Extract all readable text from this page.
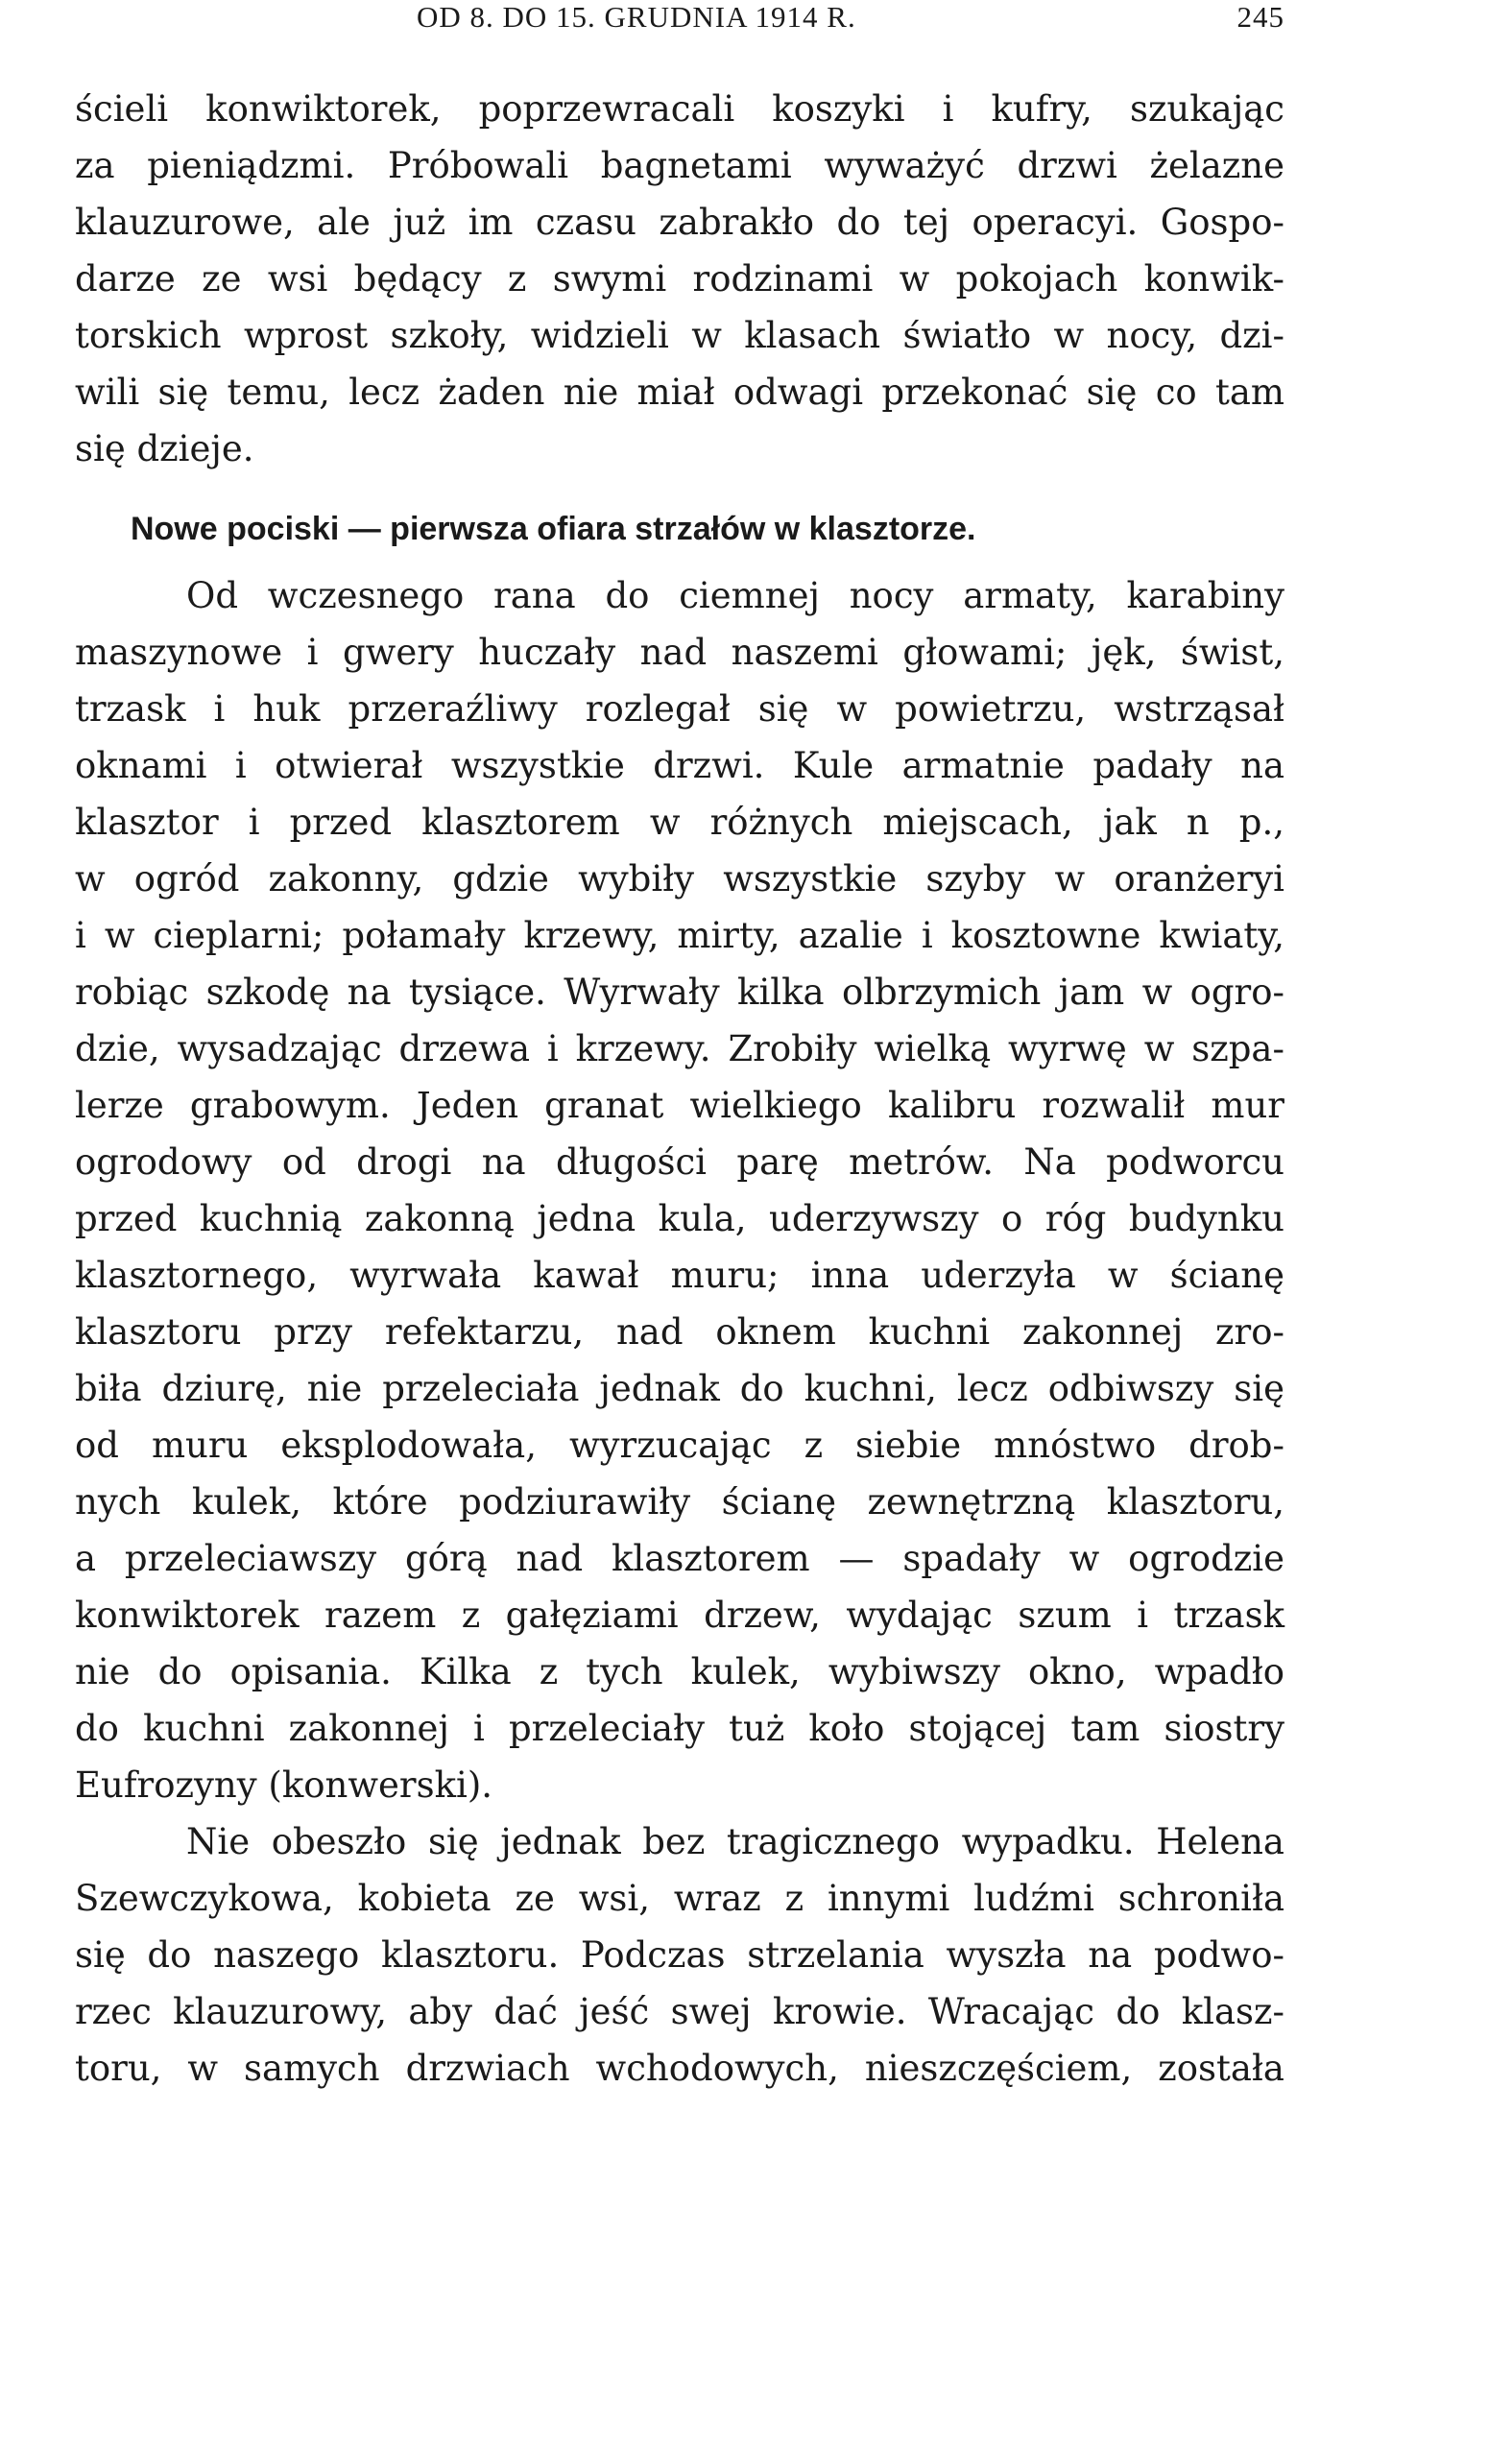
OD 8. DO 15. GRUDNIA 1914 R.	245
ścieli konwiktorek, poprzewracali koszyki i kufry, szukając
za pieniądzmi. Próbowali bagnetami wyważyć drzwi żelazne
klauzurowe, ale już im czasu zabrakło do tej operacyi. Gospo-
darze ze wsi będący z swymi rodzinami w pokojach konwik-
torskich wprost szkoły, widzieli w klasach światło w nocy, dzi-
wili się temu, lecz żaden nie miał odwagi przekonać się co tam
się dzieje.
Nowe pociski — pierwsza ofiara strzałów w klasztorze.
Od wczesnego rana do ciemnej nocy armaty, karabiny
maszynowe i gwery huczały nad naszemi głowami; jęk, świst,
trzask i huk przeraźliwy rozlegał się w powietrzu, wstrząsał
oknami i otwierał wszystkie drzwi. Kule armatnie padały na
klasztor i przed klasztorem w różnych miejscach, jak n p.,
w ogród zakonny, gdzie wybiły wszystkie szyby w oranżeryi
i w cieplarni; połamały krzewy, mirty, azalie i kosztowne kwiaty,
robiąc szkodę na tysiące. Wyrwały kilka olbrzymich jam w ogro-
dzie, wysadzając drzewa i krzewy. Zrobiły wielką wyrwę w szpa-
lerze grabowym. Jeden granat wielkiego kalibru rozwalił mur
ogrodowy od drogi na długości parę metrów. Na podworcu
przed kuchnią zakonną jedna kula, uderzywszy o róg budynku
klasztornego, wyrwała kawał muru; inna uderzyła w ścianę
klasztoru przy refektarzu, nad oknem kuchni zakonnej zro-
biła dziurę, nie przeleciała jednak do kuchni, lecz odbiwszy się
od muru eksplodowała, wyrzucając z siebie mnóstwo drob-
nych kulek, które podziurawiły ścianę zewnętrzną klasztoru,
a przeleciawszy górą nad klasztorem — spadały w ogrodzie
konwiktorek razem z gałęziami drzew, wydając szum i trzask
nie do opisania. Kilka z tych kulek, wybiwszy okno, wpadło
do kuchni zakonnej i przeleciały tuż koło stojącej tam siostry
Eufrozyny (konwerski).
Nie obeszło się jednak bez tragicznego wypadku. Helena
Szewczykowa, kobieta ze wsi, wraz z innymi ludźmi schroniła
się do naszego klasztoru. Podczas strzelania wyszła na podwo-
rzec klauzurowy, aby dać jeść swej krowie. Wracając do klasz-
toru, w samych drzwiach wchodowych, nieszczęściem, została
